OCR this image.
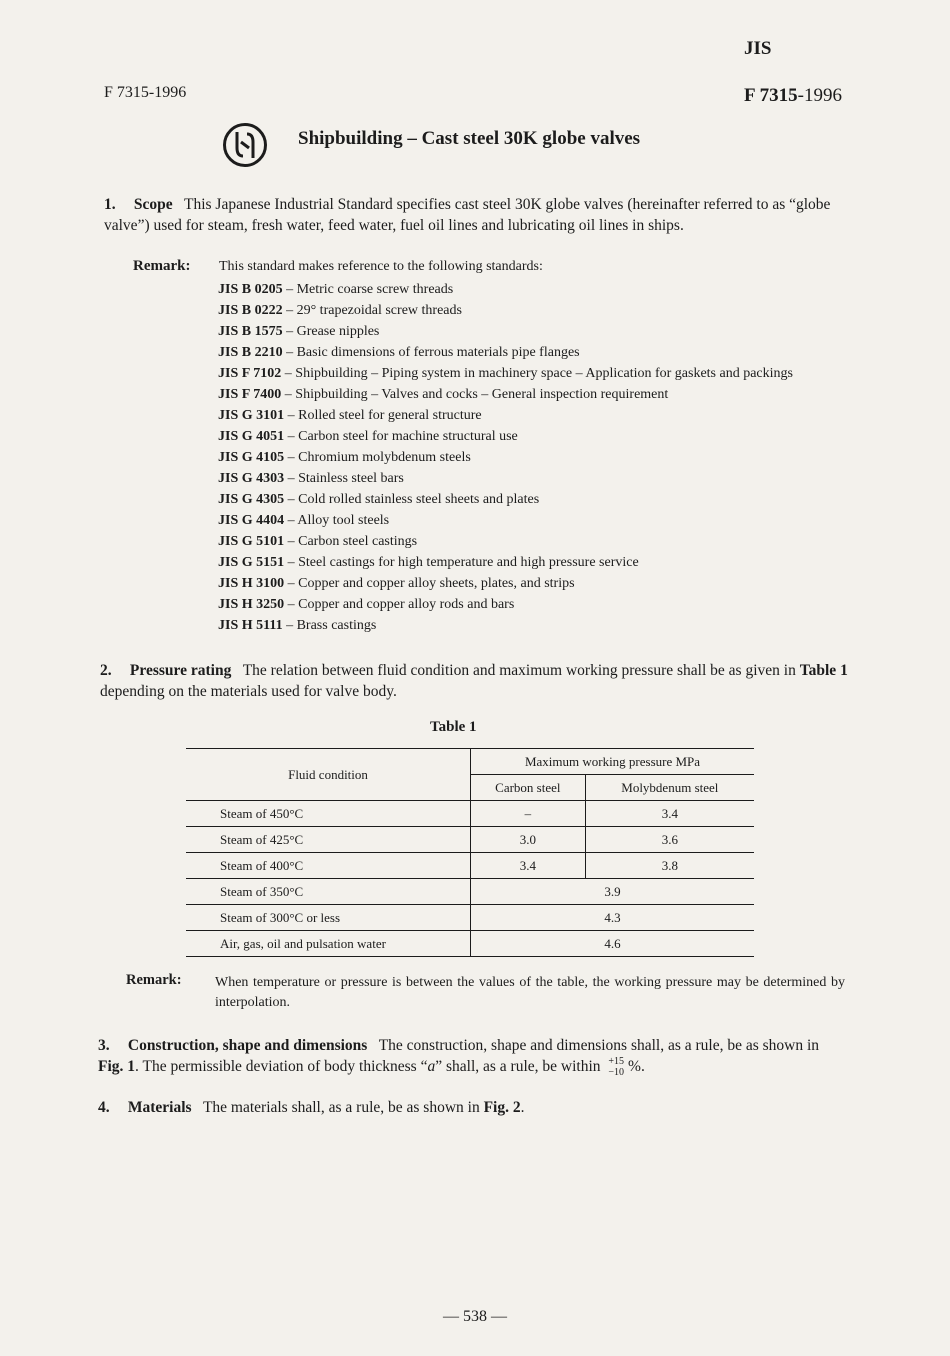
JIS
F 7315-1996	F 7315-1996
Shipbuilding – Cast steel 30K globe valves
1. Scope This Japanese Industrial Standard specifies cast steel 30K globe valves (hereinafter referred to as “globe valve”) used for steam, fresh water, feed water, fuel oil lines and lubricating oil lines in ships.
Remark: This standard makes reference to the following standards:
JIS B 0205 – Metric coarse screw threads
JIS B 0222 – 29° trapezoidal screw threads
JIS B 1575 – Grease nipples
JIS B 2210 – Basic dimensions of ferrous materials pipe flanges
JIS F 7102 – Shipbuilding – Piping system in machinery space – Application for gaskets and packings
JIS F 7400 – Shipbuilding – Valves and cocks – General inspection requirement
JIS G 3101 – Rolled steel for general structure
JIS G 4051 – Carbon steel for machine structural use
JIS G 4105 – Chromium molybdenum steels
JIS G 4303 – Stainless steel bars
JIS G 4305 – Cold rolled stainless steel sheets and plates
JIS G 4404 – Alloy tool steels
JIS G 5101 – Carbon steel castings
JIS G 5151 – Steel castings for high temperature and high pressure service
JIS H 3100 – Copper and copper alloy sheets, plates, and strips
JIS H 3250 – Copper and copper alloy rods and bars
JIS H 5111 – Brass castings
2. Pressure rating The relation between fluid condition and maximum working pressure shall be as given in Table 1 depending on the materials used for valve body.
Table 1
Fluid condition	Maximum working pressure MPa	
	Carbon steel	Molybdenum steel
Steam of 450°C	–	3.4
Steam of 425°C	3.0	3.6
Steam of 400°C	3.4	3.8
Steam of 350°C	3.9	
Steam of 300°C or less	4.3	
Air, gas, oil and pulsation water	4.6	
Remark: When temperature or pressure is between the values of the table, the working pressure may be determined by interpolation.
3. Construction, shape and dimensions The construction, shape and dimensions shall, as a rule, be as shown in Fig. 1. The permissible deviation of body thickness “a” shall, as a rule, be within +15
−10 %.
4. Materials The materials shall, as a rule, be as shown in Fig. 2.
— 538 —
